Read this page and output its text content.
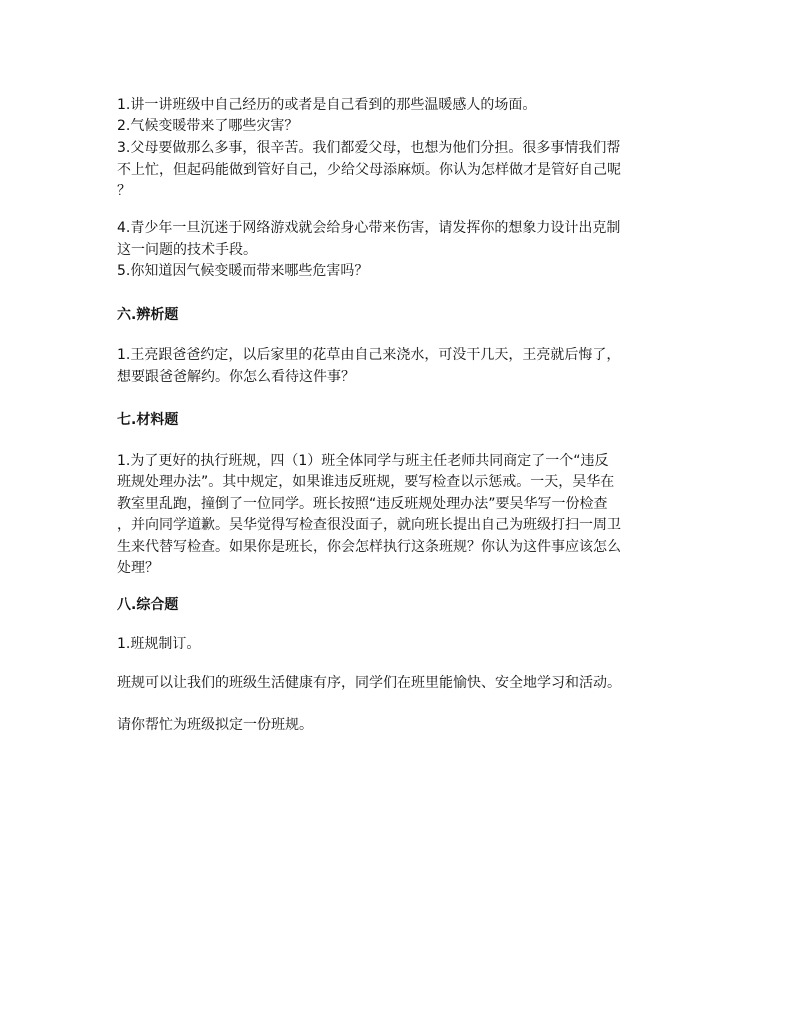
1.讲一讲班级中自己经历的或者是自己看到的那些温暖感人的场面。
2.气候变暖带来了哪些灾害？
3.父母要做那么多事，很辛苦。我们都爱父母，也想为他们分担。很多事情我们帮
不上忙，但起码能做到管好自己，少给父母添麻烦。你认为怎样做才是管好自己呢
？
4.青少年一旦沉迷于网络游戏就会给身心带来伤害，请发挥你的想象力设计出克制
这一问题的技术手段。
5.你知道因气候变暖而带来哪些危害吗？
六.辨析题
1.王亮跟爸爸约定，以后家里的花草由自己来浇水，可没干几天，王亮就后悔了，
想要跟爸爸解约。你怎么看待这件事？
七.材料题
1.为了更好的执行班规，四（1）班全体同学与班主任老师共同商定了一个“违反
班规处理办法”。其中规定，如果谁违反班规，要写检查以示惩戒。一天，吴华在
教室里乱跑，撞倒了一位同学。班长按照“违反班规处理办法”要吴华写一份检查
，并向同学道歉。吴华觉得写检查很没面子，就向班长提出自己为班级打扫一周卫
生来代替写检查。如果你是班长，你会怎样执行这条班规？你认为这件事应该怎么
处理？
八.综合题
1.班规制订。
班规可以让我们的班级生活健康有序，同学们在班里能愉快、安全地学习和活动。
请你帮忙为班级拟定一份班规。
